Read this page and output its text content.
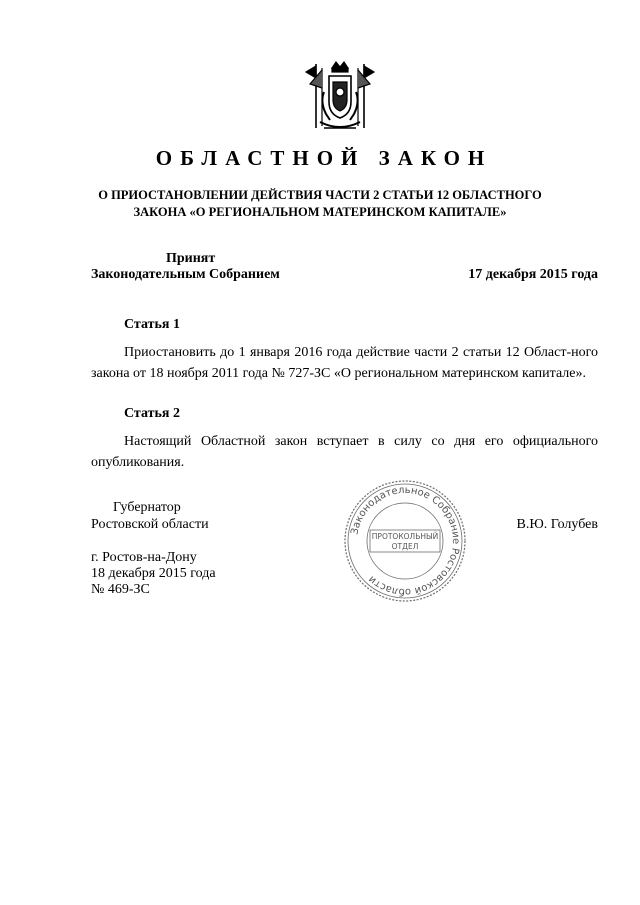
ОБЛАСТНОЙ ЗАКОН
О ПРИОСТАНОВЛЕНИИ ДЕЙСТВИЯ ЧАСТИ 2 СТАТЬИ 12 ОБЛАСТНОГО
ЗАКОНА «О РЕГИОНАЛЬНОМ МАТЕРИНСКОМ КАПИТАЛЕ»
Принят
Законодательным Собранием	17 декабря 2015 года
Статья 1

Приостановить до 1 января 2016 года действие части 2 статьи 12 Област-ного закона от 18 ноября 2011 года № 727-ЗС «О региональном материнском капитале».

Статья 2

Настоящий Областной закон вступает в силу со дня его официального опубликования.

Губернатор
Ростовской области	В.Ю. Голубев
г. Ростов-на-Дону
18 декабря 2015 года
№ 469-ЗС
Законодательное Собрание Ростовской области
ПРОТОКОЛЬНЫЙ
ОТДЕЛ
